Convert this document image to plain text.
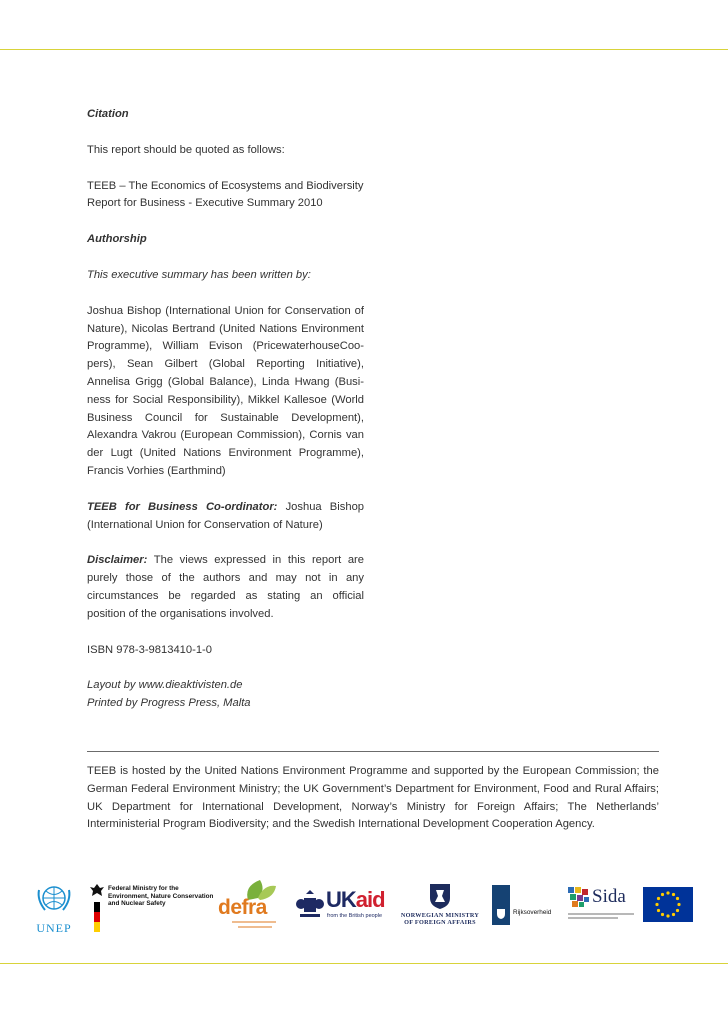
Citation

This report should be quoted as follows:

TEEB – The Economics of Ecosystems and Biodiversity

Report for Business - Executive Summary 2010

Authorship

This executive summary has been written by:

Joshua Bishop (International Union for Conservation of Nature), Nicolas Bertrand (United Nations Environment Programme), William Evison (PricewaterhouseCoo-pers), Sean Gilbert (Global Reporting Initiative), Annelisa Grigg (Global Balance), Linda Hwang (Busi-ness for Social Responsibility), Mikkel Kallesoe (World Business Council for Sustainable Development), Alexandra Vakrou (European Commission), Cornis van der Lugt (United Nations Environment Programme), Francis Vorhies (Earthmind)

TEEB for Business Co-ordinator: Joshua Bishop (International Union for Conservation of Nature)

Disclaimer: The views expressed in this report are purely those of the authors and may not in any circumstances be regarded as stating an official position of the organisations involved.

ISBN 978-3-9813410-1-0

Layout by www.dieaktivisten.de

Printed by Progress Press, Malta

TEEB is hosted by the United Nations Environment Programme and supported by the European Commission; the German Federal Environment Ministry; the UK Government’s Department for Environment, Food and Rural Affairs; UK Department for International Development, Norway’s Ministry for Foreign Affairs; The Netherlands’ Interministerial Program Biodiversity; and the Swedish International Development Cooperation Agency.

UNEP
Federal Ministry for the
Environment, Nature Conservation
and Nuclear Safety	defra	UKaid
from the British people	NORWEGIAN MINISTRY
OF FOREIGN AFFAIRS
Rijksoverheid
Sida
